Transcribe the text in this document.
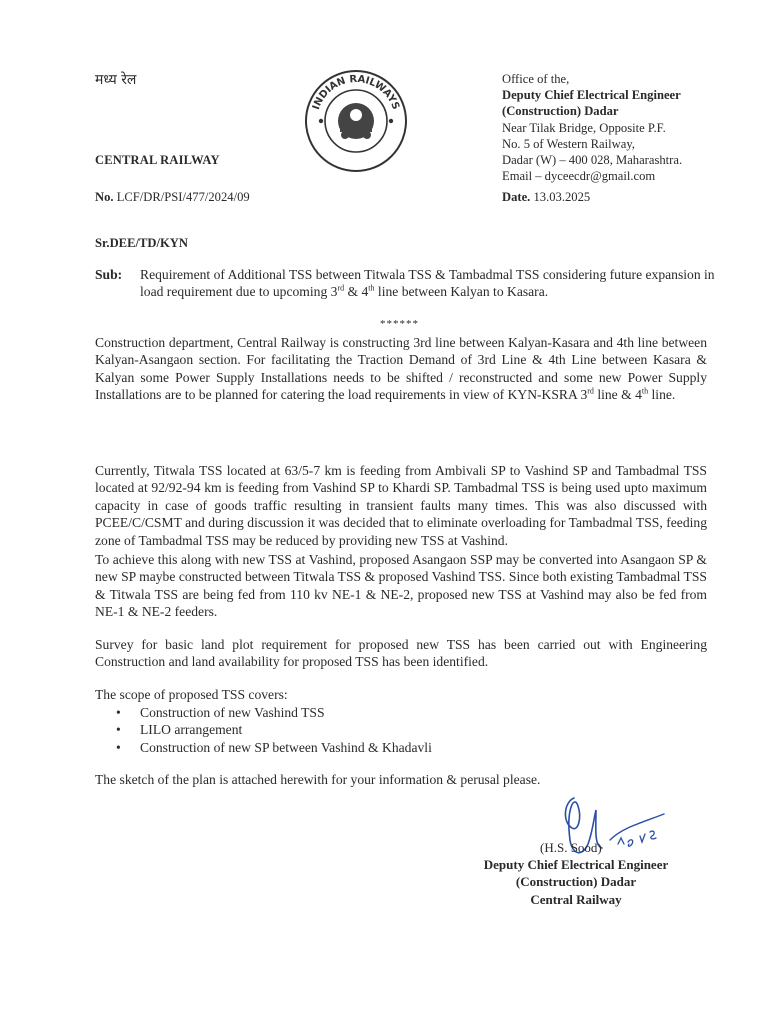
मध्य रेल
INDIAN RAILWAYS
Office of the,
Deputy Chief Electrical Engineer
(Construction) Dadar
Near Tilak Bridge, Opposite P.F.
No. 5 of Western Railway,
Dadar (W) – 400 028, Maharashtra.
Email – dyceecdr@gmail.com
CENTRAL RAILWAY
No. LCF/DR/PSI/477/2024/09	Date. 13.03.2025
Sr.DEE/TD/KYN
Sub: Requirement of Additional TSS between Titwala TSS & Tambadmal TSS considering future expansion in load requirement due to upcoming 3rd & 4th line between Kalyan to Kasara.
******
Construction department, Central Railway is constructing 3rd line between Kalyan-Kasara and 4th line between Kalyan-Asangaon section. For facilitating the Traction Demand of 3rd Line & 4th Line between Kasara & Kalyan some Power Supply Installations needs to be shifted / reconstructed and some new Power Supply Installations are to be planned for catering the load requirements in view of KYN-KSRA 3rd line & 4th line.
Currently, Titwala TSS located at 63/5-7 km is feeding from Ambivali SP to Vashind SP and Tambadmal TSS located at 92/92-94 km is feeding from Vashind SP to Khardi SP. Tambadmal TSS is being used upto maximum capacity in case of goods traffic resulting in transient faults many times. This was also discussed with PCEE/C/CSMT and during discussion it was decided that to eliminate overloading for Tambadmal TSS, feeding zone of Tambadmal TSS may be reduced by providing new TSS at Vashind.
To achieve this along with new TSS at Vashind, proposed Asangaon SSP may be converted into Asangaon SP & new SP maybe constructed between Titwala TSS & proposed Vashind TSS. Since both existing Tambadmal TSS & Titwala TSS are being fed from 110 kv NE-1 & NE-2, proposed new TSS at Vashind may also be fed from NE-1 & NE-2 feeders.
Survey for basic land plot requirement for proposed new TSS has been carried out with Engineering Construction and land availability for proposed TSS has been identified.
The scope of proposed TSS covers:
• Construction of new Vashind TSS
• LILO arrangement
• Construction of new SP between Vashind & Khadavli
The sketch of the plan is attached herewith for your information & perusal please.
(H.S. Sood)
Deputy Chief Electrical Engineer
(Construction) Dadar
Central Railway
